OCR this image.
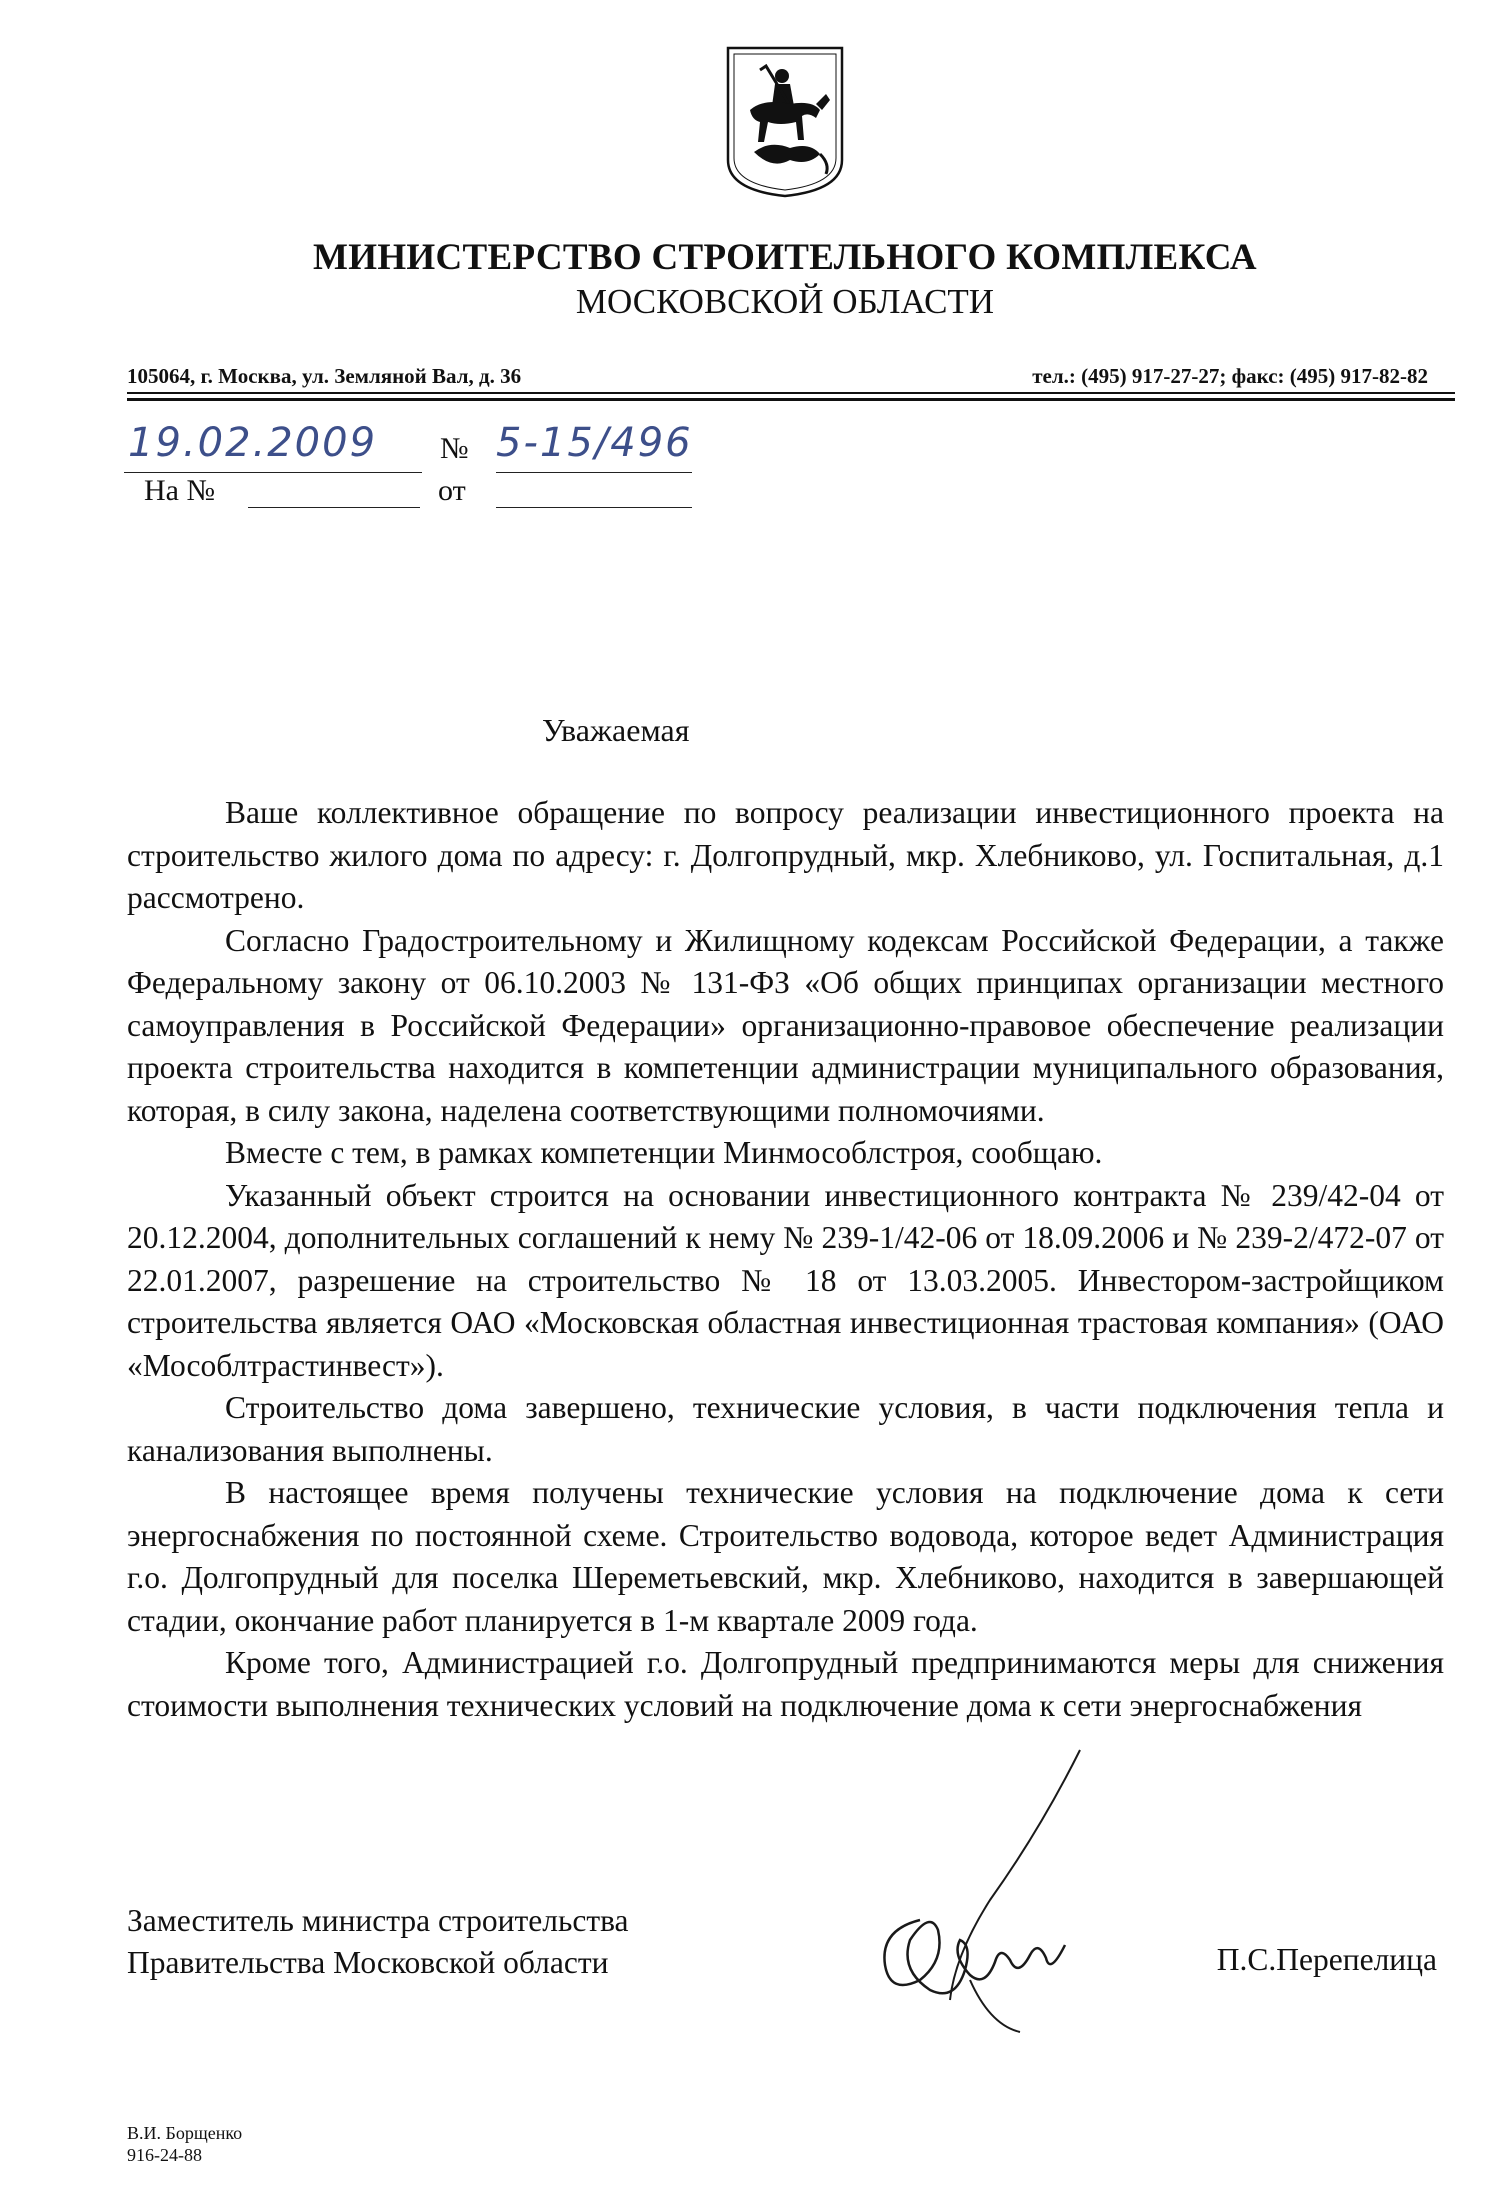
МИНИСТЕРСТВО СТРОИТЕЛЬНОГО КОМПЛЕКСА
МОСКОВСКОЙ ОБЛАСТИ
105064, г. Москва, ул. Земляной Вал, д. 36	тел.: (495) 917-27-27; факс: (495) 917-82-82
19.02.2009 № 5-15/496
На №	от
Уважаемая

Ваше коллективное обращение по вопросу реализации инвестиционного проекта на строительство жилого дома по адресу: г. Долгопрудный, мкр. Хлебниково, ул. Госпитальная, д.1 рассмотрено.

Согласно Градостроительному и Жилищному кодексам Российской Федерации, а также Федеральному закону от 06.10.2003 № 131-ФЗ «Об общих принципах организации местного самоуправления в Российской Федерации» организационно-правовое обеспечение реализации проекта строительства находится в компетенции администрации муниципального образования, которая, в силу закона, наделена соответствующими полномочиями.

Вместе с тем, в рамках компетенции Минмособлстроя, сообщаю.

Указанный объект строится на основании инвестиционного контракта № 239/42-04 от 20.12.2004, дополнительных соглашений к нему № 239-1/42-06 от 18.09.2006 и № 239-2/472-07 от 22.01.2007, разрешение на строительство № 18 от 13.03.2005. Инвестором-застройщиком строительства является ОАО «Московская областная инвестиционная трастовая компания» (ОАО «Мособлтрастинвест»).

Строительство дома завершено, технические условия, в части подключения тепла и канализования выполнены.

В настоящее время получены технические условия на подключение дома к сети энергоснабжения по постоянной схеме. Строительство водовода, которое ведет Администрация г.о. Долгопрудный для поселка Шереметьевский, мкр. Хлебниково, находится в завершающей стадии, окончание работ планируется в 1-м квартале 2009 года.

Кроме того, Администрацией г.о. Долгопрудный предпринимаются меры для снижения стоимости выполнения технических условий на подключение дома к сети энергоснабжения

Заместитель министра строительства
Правительства Московской области	П.С.Перепелица
В.И. Борщенко
916-24-88
